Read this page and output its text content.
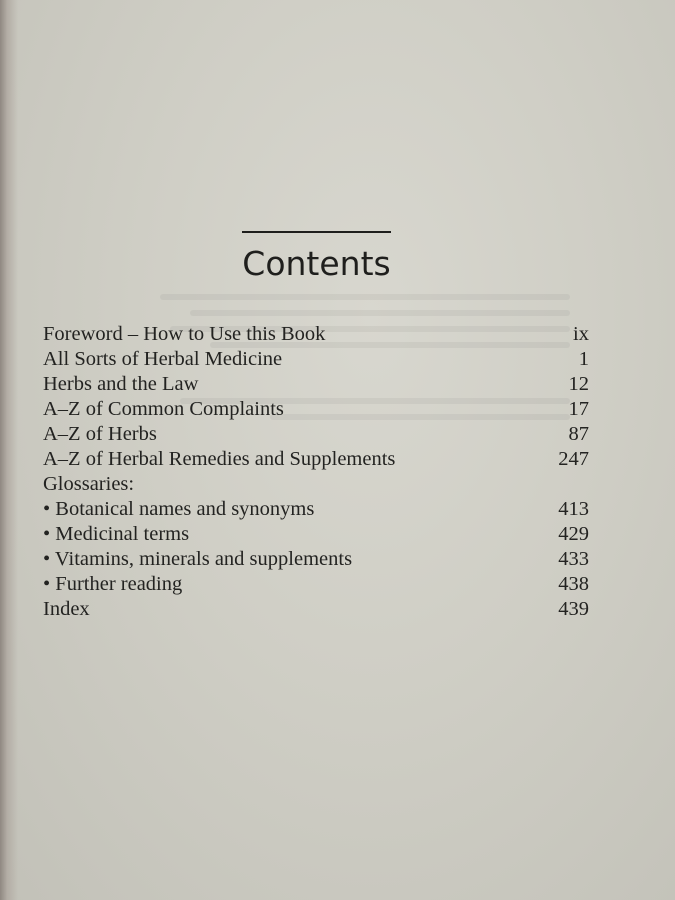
Contents
Foreword – How to Use this Book	ix
All Sorts of Herbal Medicine	1
Herbs and the Law	12
A–Z of Common Complaints	17
A–Z of Herbs	87
A–Z of Herbal Remedies and Supplements	247
Glossaries:
• Botanical names and synonyms	413
• Medicinal terms	429
• Vitamins, minerals and supplements	433
• Further reading	438
Index	439
